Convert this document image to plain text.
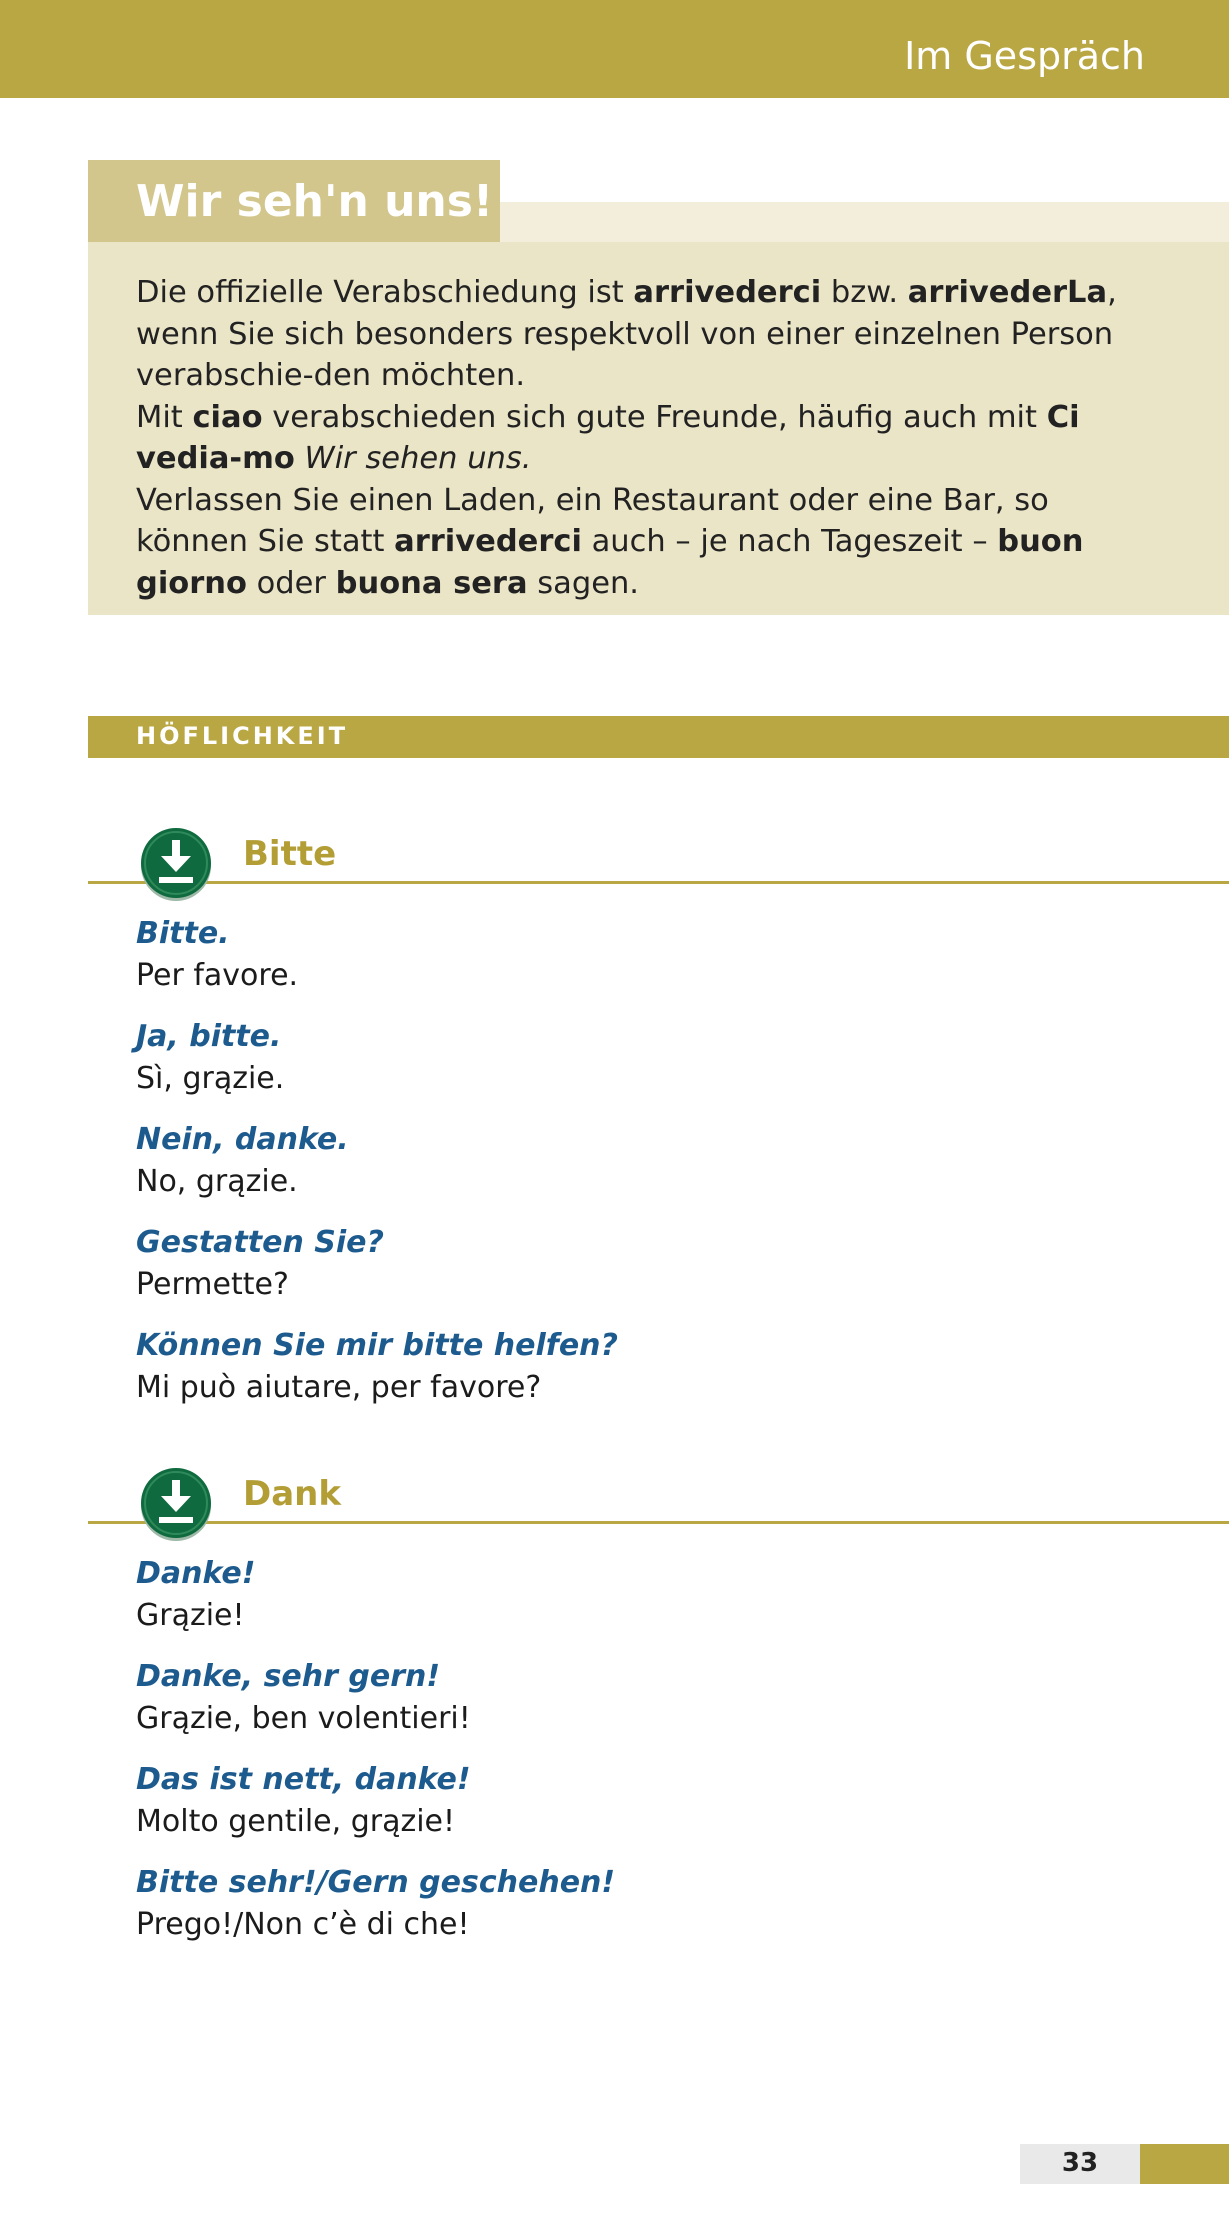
Im Gespräch
Wir seh'n uns!
Die offizielle Verabschiedung ist arrivederci bzw. arrivederLa, wenn Sie sich besonders respektvoll von einer einzelnen Person verabschie-den möchten.
Mit ciao verabschieden sich gute Freunde, häufig auch mit Ci vedia-mo Wir sehen uns.
Verlassen Sie einen Laden, ein Restaurant oder eine Bar, so können Sie statt arrivederci auch – je nach Tageszeit – buon giorno oder buona sera sagen.
HÖFLICHKEIT
Bitte
Bitte.
Per favore.
Ja, bitte.
Sì, grązie.
Nein, danke.
No, grązie.
Gestatten Sie?
Permette?
Können Sie mir bitte helfen?
Mi può aiutare, per favore?
Dank
Danke!
Grązie!
Danke, sehr gern!
Grązie, ben volentieri!
Das ist nett, danke!
Molto gentile, grązie!
Bitte sehr!/Gern geschehen!
Prego!/Non c’è di che!
33
